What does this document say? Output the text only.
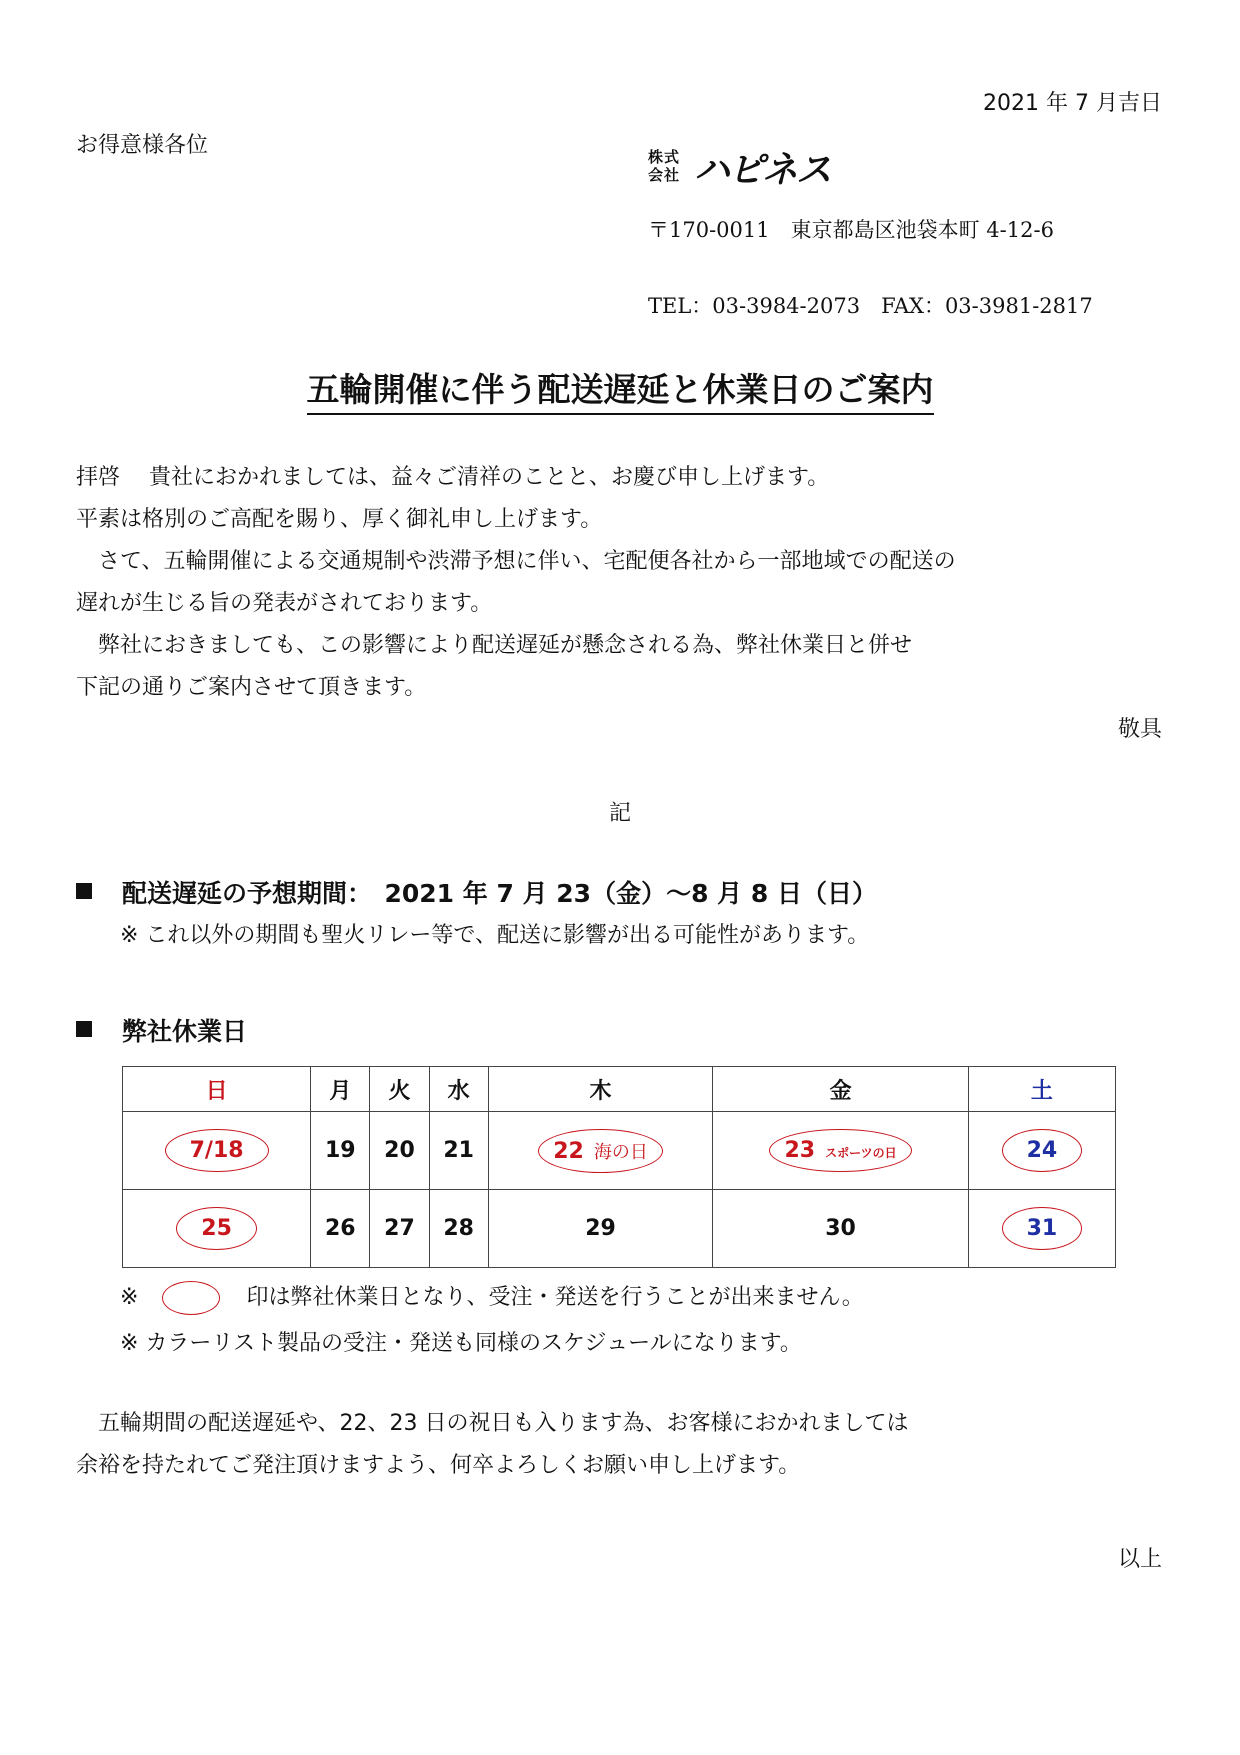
2021 年 7 月吉日
お得意様各位	株式 会社 ハピネス
〒170-0011　東京都島区池袋本町 4-12-6
TEL：03-3984-2073　FAX：03-3981-2817
五輪開催に伴う配送遅延と休業日のご案内
拝啓　 貴社におかれましては、益々ご清祥のことと、お慶び申し上げます。
平素は格別のご高配を賜り、厚く御礼申し上げます。
　さて、五輪開催による交通規制や渋滞予想に伴い、宅配便各社から一部地域での配送の
遅れが生じる旨の発表がされております。
　弊社におきましても、この影響により配送遅延が懸念される為、弊社休業日と併せ
下記の通りご案内させて頂きます。
敬具
記
配送遅延の予想期間：　2021 年 7 月 23（金）～8 月 8 日（日）
※ これ以外の期間も聖火リレー等で、配送に影響が出る可能性があります。
弊社休業日
日	月	火	水	木	金	土
7/18	19	20	21	22 海の日	23 スポーツの日	24
25	26	27	28	29	30	31
※	印は弊社休業日となり、受注・発送を行うことが出来ません。
※ カラーリスト製品の受注・発送も同様のスケジュールになります。
　五輪期間の配送遅延や、22、23 日の祝日も入ります為、お客様におかれましては
余裕を持たれてご発注頂けますよう、何卒よろしくお願い申し上げます。
以上
